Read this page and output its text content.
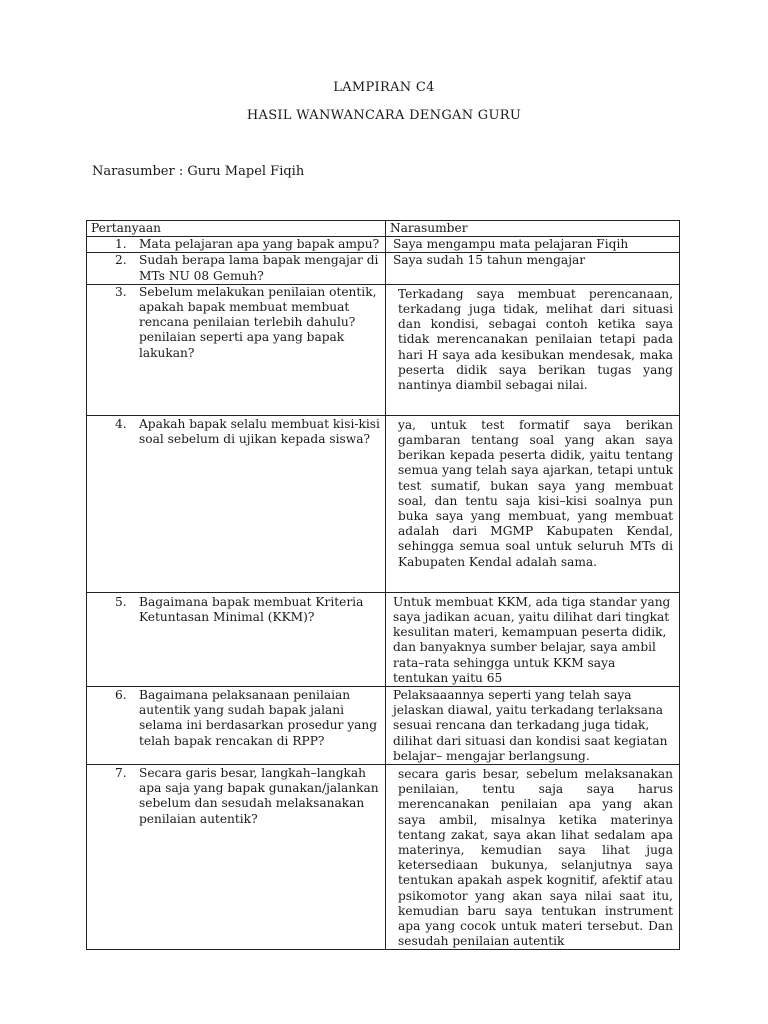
LAMPIRAN C4
HASIL WANWANCARA DENGAN GURU
Narasumber : Guru Mapel Fiqih
Pertanyaan	Narasumber

1. Mata pelajaran apa yang bapak ampu?	Saya mengampu mata pelajaran Fiqih

2. Sudah berapa lama bapak mengajar di MTs NU 08 Gemuh?	Saya sudah 15 tahun mengajar

3. Sebelum melakukan penilaian otentik, apakah bapak membuat membuat rencana penilaian terlebih dahulu? penilaian seperti apa yang bapak lakukan?	Terkadang saya membuat perencanaan, terkadang juga tidak, melihat dari situasi dan kondisi, sebagai contoh ketika saya tidak merencanakan penilaian tetapi pada hari H saya ada kesibukan mendesak, maka peserta didik saya berikan tugas yang nantinya diambil sebagai nilai.

4. Apakah bapak selalu membuat kisi-kisi soal sebelum di ujikan kepada siswa?	ya, untuk test formatif saya berikan gambaran tentang soal yang akan saya berikan kepada peserta didik, yaitu tentang semua yang telah saya ajarkan, tetapi untuk test sumatif, bukan saya yang membuat soal, dan tentu saja kisi–kisi soalnya pun buka saya yang membuat, yang membuat adalah dari MGMP Kabupaten Kendal, sehingga semua soal untuk seluruh MTs di Kabupaten Kendal adalah sama.

5. Bagaimana bapak membuat Kriteria Ketuntasan Minimal (KKM)?	Untuk membuat KKM, ada tiga standar yang saya jadikan acuan, yaitu dilihat dari tingkat kesulitan materi, kemampuan peserta didik, dan banyaknya sumber belajar, saya ambil rata–rata sehingga untuk KKM saya tentukan yaitu 65

6. Bagaimana pelaksanaan penilaian autentik yang sudah bapak jalani selama ini berdasarkan prosedur yang telah bapak rencakan di RPP?	Pelaksaaannya seperti yang telah saya jelaskan diawal, yaitu terkadang terlaksana sesuai rencana dan terkadang juga tidak, dilihat dari situasi dan kondisi saat kegiatan belajar– mengajar berlangsung.

7. Secara garis besar, langkah–langkah apa saja yang bapak gunakan/jalankan sebelum dan sesudah melaksanakan penilaian autentik?	secara garis besar, sebelum melaksanakan penilaian, tentu saja saya harus merencanakan penilaian apa yang akan saya ambil, misalnya ketika materinya tentang zakat, saya akan lihat sedalam apa materinya, kemudian saya lihat juga ketersediaan bukunya, selanjutnya saya tentukan apakah aspek kognitif, afektif atau psikomotor yang akan saya nilai saat itu, kemudian baru saya tentukan instrument apa yang cocok untuk materi tersebut. Dan sesudah penilaian autentik
